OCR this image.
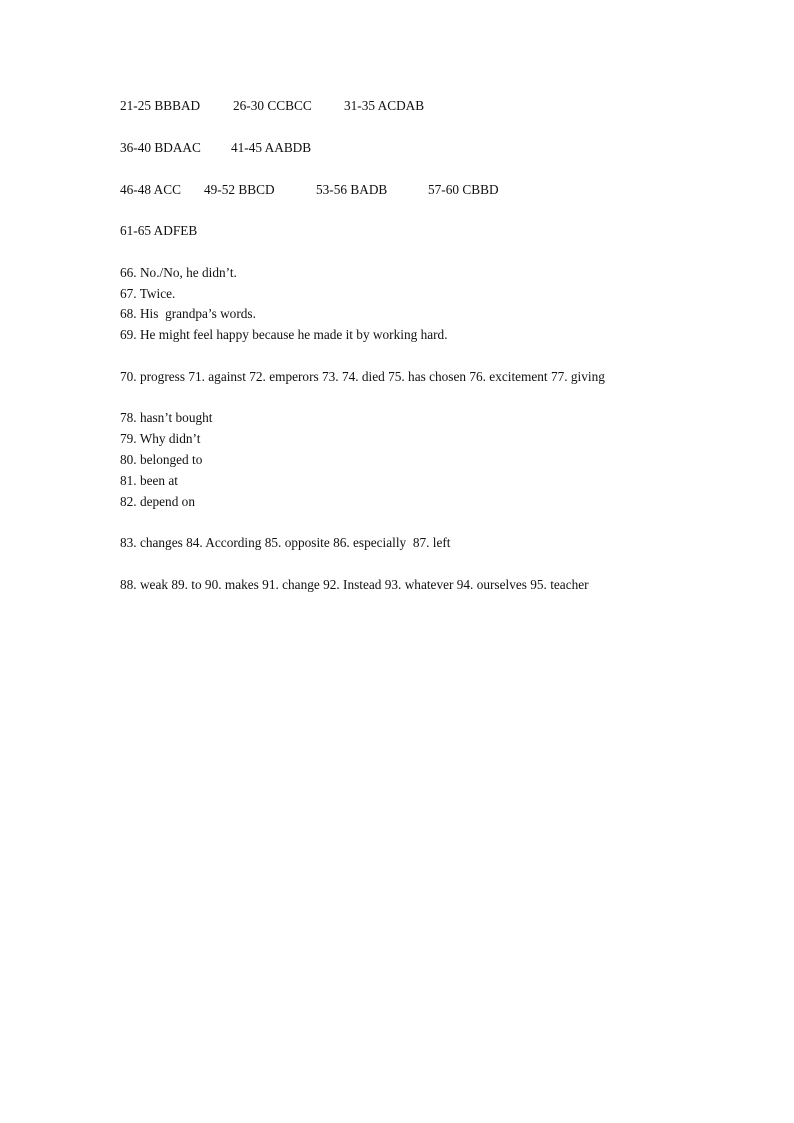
21-25 BBBAD

26-30 CCBCC

31-35 ACDAB

36-40 BDAAC

41-45 AABDB

46-48 ACC

49-52 BBCD

	53-56 BADB

	57-60 CBBD

61-65 ADFEB
66. No./No, he didn’t.
67. Twice.
68. His  grandpa’s words.
69. He might feel happy because he made it by working hard.
70. progress 71. against 72. emperors 73. 74. died 75. has chosen 76. excitement 77. giving
78. hasn’t bought
79. Why didn’t
80. belonged to
81. been at
82. depend on
83. changes 84. According 85. opposite 86. especially  87. left
88. weak 89. to 90. makes 91. change 92. Instead 93. whatever 94. ourselves 95. teacher
